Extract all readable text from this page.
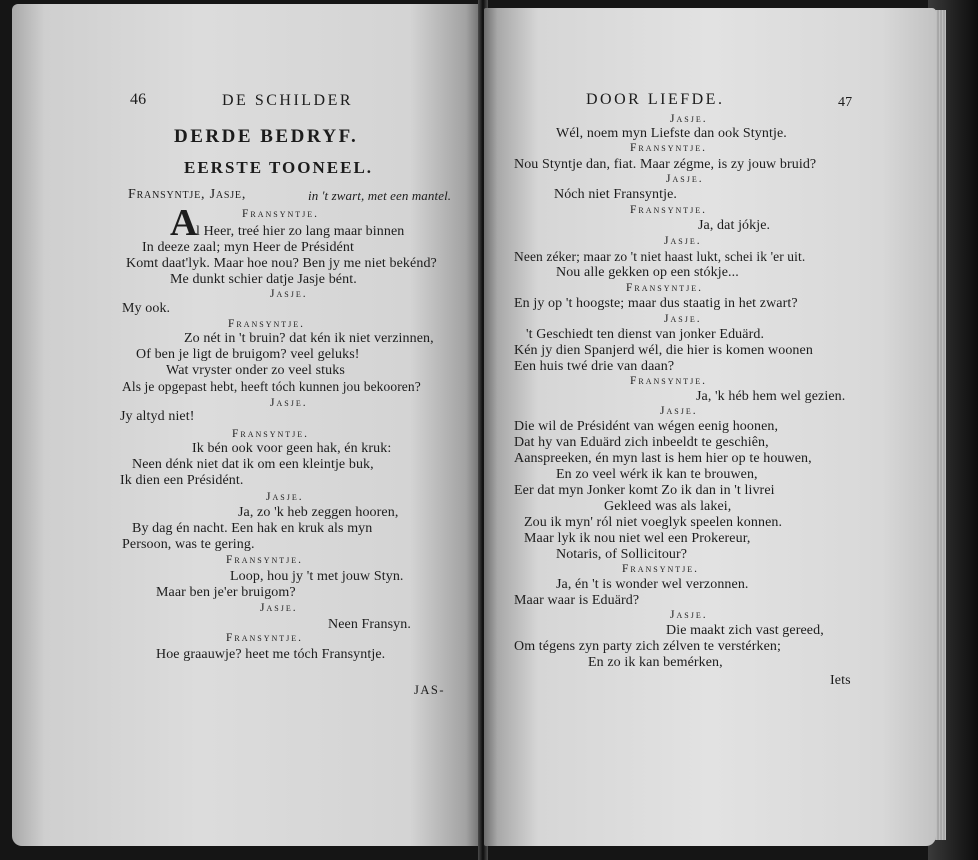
46	DE SCHILDER
DERDE BEDRYF.
EERSTE TOONEEL.
Fransyntje, Jasje,	in 't zwart, met een mantel.
A	Fransyntje.
l Heer, treé hier zo lang maar binnen
In deeze zaal; myn Heer de Présidént
Komt daat'lyk. Maar hoe nou? Ben jy me niet bekénd?
Me dunkt schier datje Jasje bént.
Jasje.
My ook.
Fransyntje.
Zo nét in 't bruin? dat kén ik niet verzinnen,
Of ben je ligt de bruigom? veel geluks!
Wat vryster onder zo veel stuks
Als je opgepast hebt, heeft tóch kunnen jou bekooren?
Jasje.
Jy altyd niet!
Fransyntje.
Ik bén ook voor geen hak, én kruk:
Neen dénk niet dat ik om een kleintje buk,
Ik dien een Présidént.
Jasje.
Ja, zo 'k heb zeggen hooren,
By dag én nacht. Een hak en kruk als myn
Persoon, was te gering.
Fransyntje.
Loop, hou jy 't met jouw Styn.
Maar ben je'er bruigom?
Jasje.
Neen Fransyn.
Fransyntje.
Hoe graauwje? heet me tóch Fransyntje.
JAS-
DOOR LIEFDE.	47
Jasje.
Wél, noem myn Liefste dan ook Styntje.
Fransyntje.
Nou Styntje dan, fiat. Maar zégme, is zy jouw bruid?
Jasje.
Nóch niet Fransyntje.
Fransyntje.
Ja, dat jókje.
Jasje.
Neen zéker; maar zo 't niet haast lukt, schei ik 'er uit.
Nou alle gekken op een stókje...
Fransyntje.
En jy op 't hoogste; maar dus staatig in het zwart?
Jasje.
't Geschiedt ten dienst van jonker Eduärd.
Kén jy dien Spanjerd wél, die hier is komen woonen
Een huis twé drie van daan?
Fransyntje.
Ja, 'k héb hem wel gezien.
Jasje.
Die wil de Présidént van wégen eenig hoonen,
Dat hy van Eduärd zich inbeeldt te geschiên,
Aanspreeken, én myn last is hem hier op te houwen,
En zo veel wérk ik kan te brouwen,
Eer dat myn Jonker komt Zo ik dan in 't livrei
Gekleed was als lakei,
Zou ik myn' ról niet voeglyk speelen konnen.
Maar lyk ik nou niet wel een Prokereur,
Notaris, of Sollicitour?
Fransyntje.
Ja, én 't is wonder wel verzonnen.
Maar waar is Eduärd?
Jasje.
Die maakt zich vast gereed,
Om tégens zyn party zich zélven te verstérken;
En zo ik kan bemérken,
Iets
